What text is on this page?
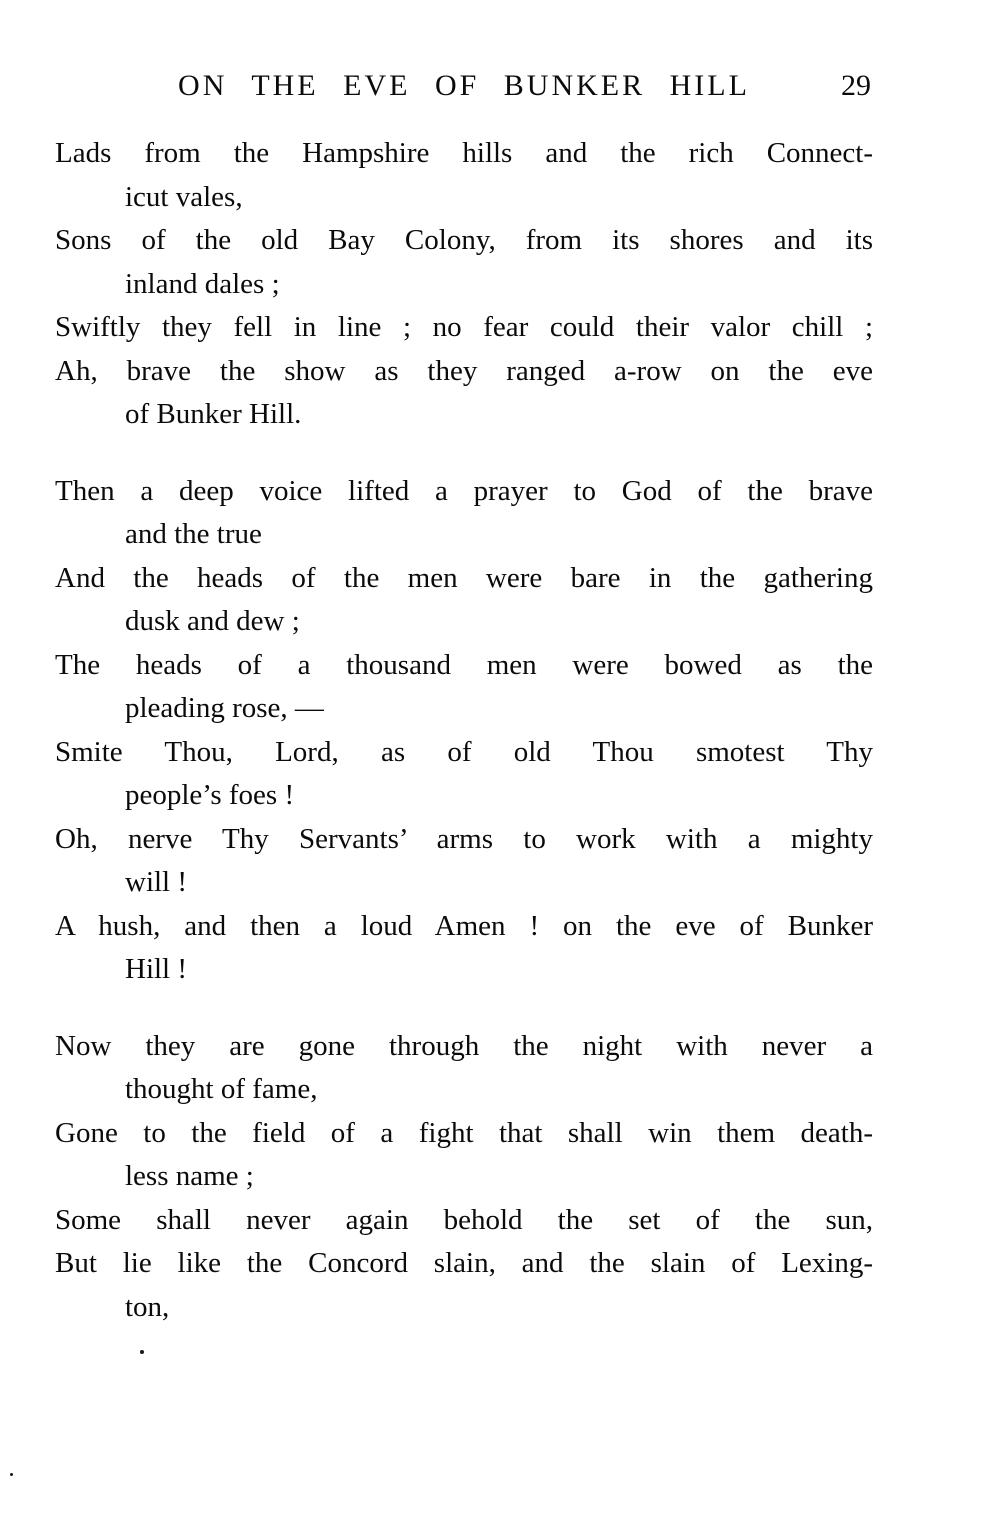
ON THE EVE OF BUNKER HILL	29
Lads from the Hampshire hills and the rich Connect-
icut vales,
Sons of the old Bay Colony, from its shores and its
inland dales ;
Swiftly they fell in line ; no fear could their valor chill ;
Ah, brave the show as they ranged a-row on the eve
of Bunker Hill.
Then a deep voice lifted a prayer to God of the brave
and the true
And the heads of the men were bare in the gathering
dusk and dew ;
The heads of a thousand men were bowed as the
pleading rose, —
Smite Thou, Lord, as of old Thou smotest Thy
people’s foes !
Oh, nerve Thy Servants’ arms to work with a mighty
will !
A hush, and then a loud Amen ! on the eve of Bunker
Hill !
Now they are gone through the night with never a
thought of fame,
Gone to the field of a fight that shall win them death-
less name ;
Some shall never again behold the set of the sun,
But lie like the Concord slain, and the slain of Lexing-
ton,
